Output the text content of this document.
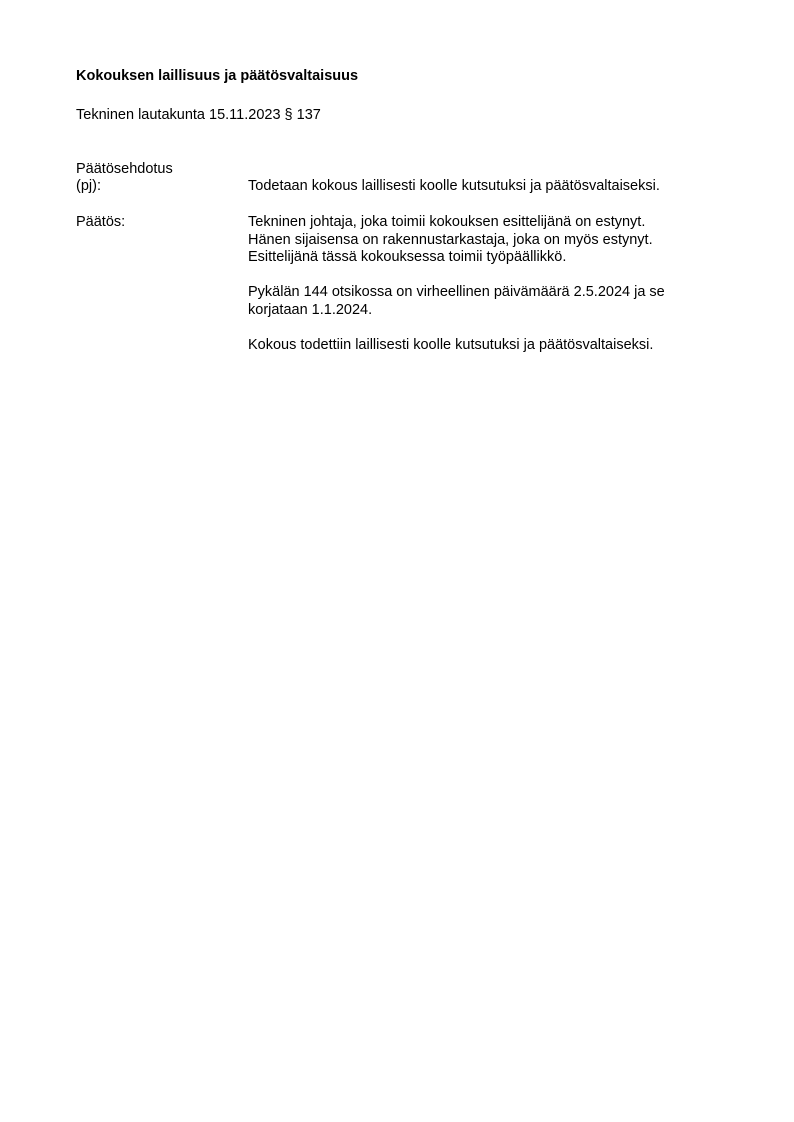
Kokouksen laillisuus ja päätösvaltaisuus
Tekninen lautakunta 15.11.2023 § 137
Päätösehdotus
(pj):	Todetaan kokous laillisesti koolle kutsutuksi ja päätösvaltaiseksi.
Päätös:	Tekninen johtaja, joka toimii kokouksen esittelijänä on estynyt.
Hänen sijaisensa on rakennustarkastaja, joka on myös estynyt.
Esittelijänä tässä kokouksessa toimii työpäällikkö.

Pykälän 144 otsikossa on virheellinen päivämäärä 2.5.2024 ja se
korjataan 1.1.2024.

Kokous todettiin laillisesti koolle kutsutuksi ja päätösvaltaiseksi.
